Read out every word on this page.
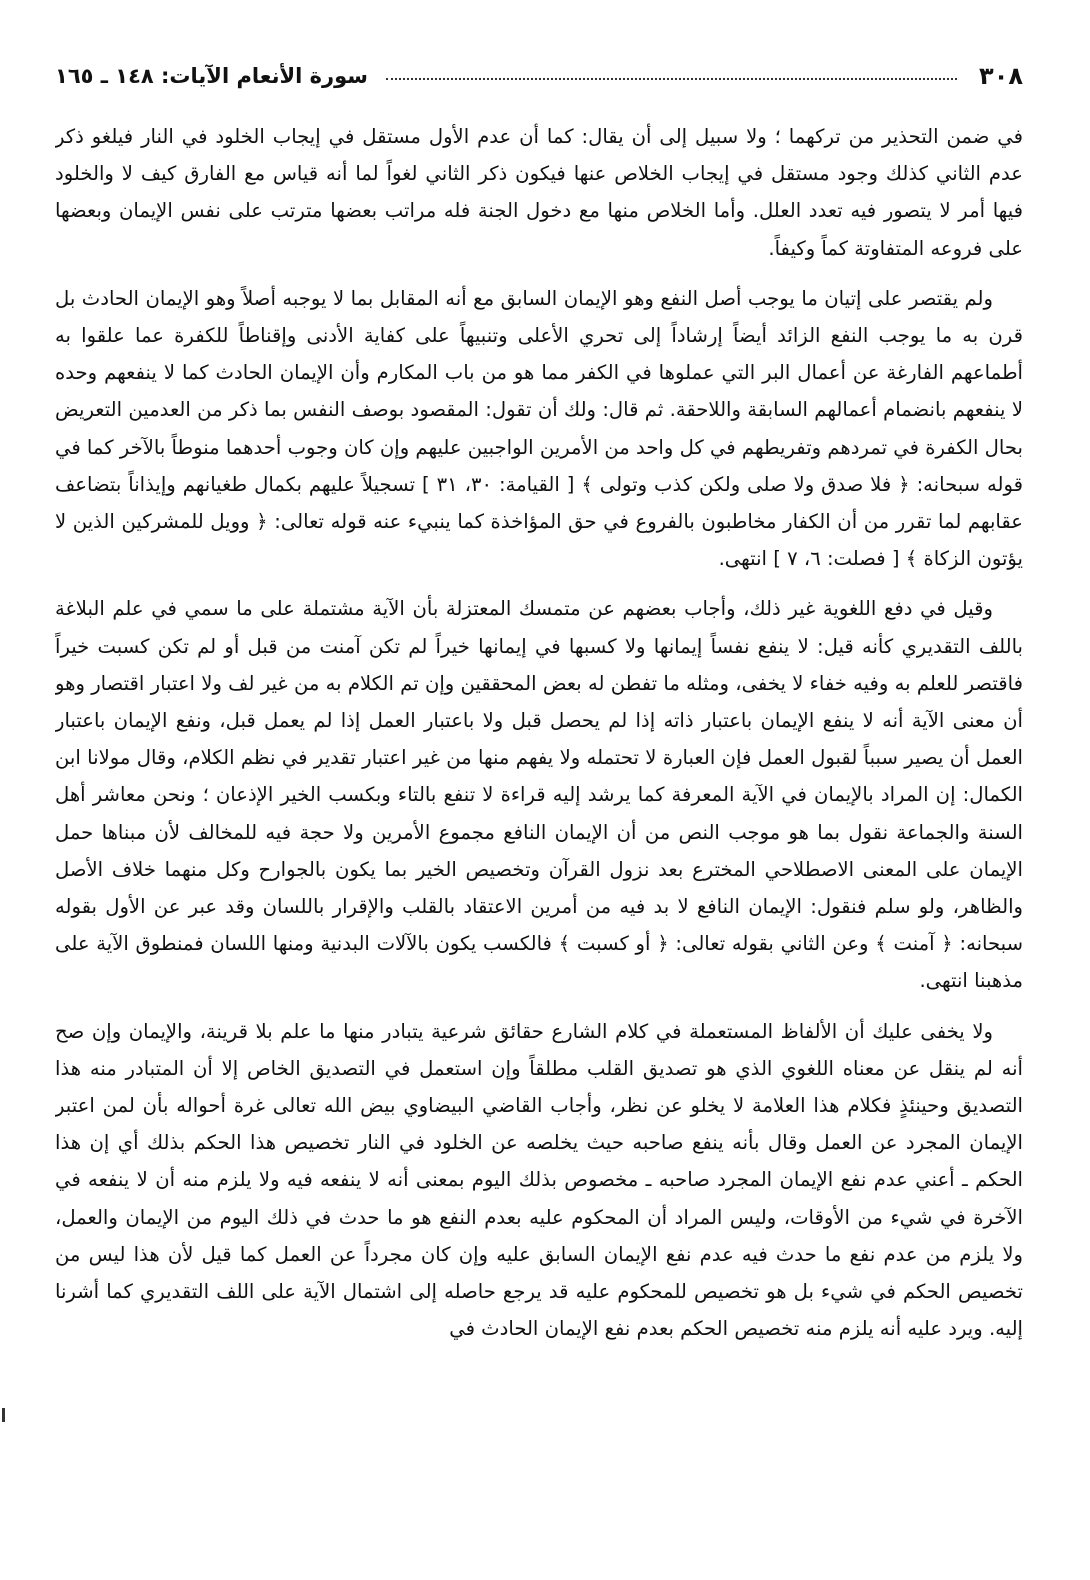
٣٠٨
سورة الأنعام الآيات: ١٤٨ ـ ١٦٥

في ضمن التحذير من تركهما ؛ ولا سبيل إلى أن يقال: كما أن عدم الأول مستقل في إيجاب الخلود في النار فيلغو ذكر عدم الثاني كذلك وجود مستقل في إيجاب الخلاص عنها فيكون ذكر الثاني لغواً لما أنه قياس مع الفارق كيف لا والخلود فيها أمر لا يتصور فيه تعدد العلل. وأما الخلاص منها مع دخول الجنة فله مراتب بعضها مترتب على نفس الإيمان وبعضها على فروعه المتفاوتة كماً وكيفاً.

ولم يقتصر على إتيان ما يوجب أصل النفع وهو الإيمان السابق مع أنه المقابل بما لا يوجبه أصلاً وهو الإيمان الحادث بل قرن به ما يوجب النفع الزائد أيضاً إرشاداً إلى تحري الأعلى وتنبيهاً على كفاية الأدنى وإقناطاً للكفرة عما علقوا به أطماعهم الفارغة عن أعمال البر التي عملوها في الكفر مما هو من باب المكارم وأن الإيمان الحادث كما لا ينفعهم وحده لا ينفعهم بانضمام أعمالهم السابقة واللاحقة. ثم قال: ولك أن تقول: المقصود بوصف النفس بما ذكر من العدمين التعريض بحال الكفرة في تمردهم وتفريطهم في كل واحد من الأمرين الواجبين عليهم وإن كان وجوب أحدهما منوطاً بالآخر كما في قوله سبحانه: ﴿ فلا صدق ولا صلى ولكن كذب وتولى ﴾ [ القيامة: ٣٠، ٣١ ] تسجيلاً عليهم بكمال طغيانهم وإيذاناً بتضاعف عقابهم لما تقرر من أن الكفار مخاطبون بالفروع في حق المؤاخذة كما ينبيء عنه قوله تعالى: ﴿ وويل للمشركين الذين لا يؤتون الزكاة ﴾ [ فصلت: ٦، ٧ ] انتهى.

وقيل في دفع اللغوية غير ذلك، وأجاب بعضهم عن متمسك المعتزلة بأن الآية مشتملة على ما سمي في علم البلاغة باللف التقديري كأنه قيل: لا ينفع نفساً إيمانها ولا كسبها في إيمانها خيراً لم تكن آمنت من قبل أو لم تكن كسبت خيراً فاقتصر للعلم به وفيه خفاء لا يخفى، ومثله ما تفطن له بعض المحققين وإن تم الكلام به من غير لف ولا اعتبار اقتصار وهو أن معنى الآية أنه لا ينفع الإيمان باعتبار ذاته إذا لم يحصل قبل ولا باعتبار العمل إذا لم يعمل قبل، ونفع الإيمان باعتبار العمل أن يصير سبباً لقبول العمل فإن العبارة لا تحتمله ولا يفهم منها من غير اعتبار تقدير في نظم الكلام، وقال مولانا ابن الكمال: إن المراد بالإيمان في الآية المعرفة كما يرشد إليه قراءة لا تنفع بالتاء وبكسب الخير الإذعان ؛ ونحن معاشر أهل السنة والجماعة نقول بما هو موجب النص من أن الإيمان النافع مجموع الأمرين ولا حجة فيه للمخالف لأن مبناها حمل الإيمان على المعنى الاصطلاحي المخترع بعد نزول القرآن وتخصيص الخير بما يكون بالجوارح وكل منهما خلاف الأصل والظاهر، ولو سلم فنقول: الإيمان النافع لا بد فيه من أمرين الاعتقاد بالقلب والإقرار باللسان وقد عبر عن الأول بقوله سبحانه: ﴿ آمنت ﴾ وعن الثاني بقوله تعالى: ﴿ أو كسبت ﴾ فالكسب يكون بالآلات البدنية ومنها اللسان فمنطوق الآية على مذهبنا انتهى.

ولا يخفى عليك أن الألفاظ المستعملة في كلام الشارع حقائق شرعية يتبادر منها ما علم بلا قرينة، والإيمان وإن صح أنه لم ينقل عن معناه اللغوي الذي هو تصديق القلب مطلقاً وإن استعمل في التصديق الخاص إلا أن المتبادر منه هذا التصديق وحينئذٍ فكلام هذا العلامة لا يخلو عن نظر، وأجاب القاضي البيضاوي بيض الله تعالى غرة أحواله بأن لمن اعتبر الإيمان المجرد عن العمل وقال بأنه ينفع صاحبه حيث يخلصه عن الخلود في النار تخصيص هذا الحكم بذلك أي إن هذا الحكم ـ أعني عدم نفع الإيمان المجرد صاحبه ـ مخصوص بذلك اليوم بمعنى أنه لا ينفعه فيه ولا يلزم منه أن لا ينفعه في الآخرة في شيء من الأوقات، وليس المراد أن المحكوم عليه بعدم النفع هو ما حدث في ذلك اليوم من الإيمان والعمل، ولا يلزم من عدم نفع ما حدث فيه عدم نفع الإيمان السابق عليه وإن كان مجرداً عن العمل كما قيل لأن هذا ليس من تخصيص الحكم في شيء بل هو تخصيص للمحكوم عليه قد يرجع حاصله إلى اشتمال الآية على اللف التقديري كما أشرنا إليه. ويرد عليه أنه يلزم منه تخصيص الحكم بعدم نفع الإيمان الحادث في
